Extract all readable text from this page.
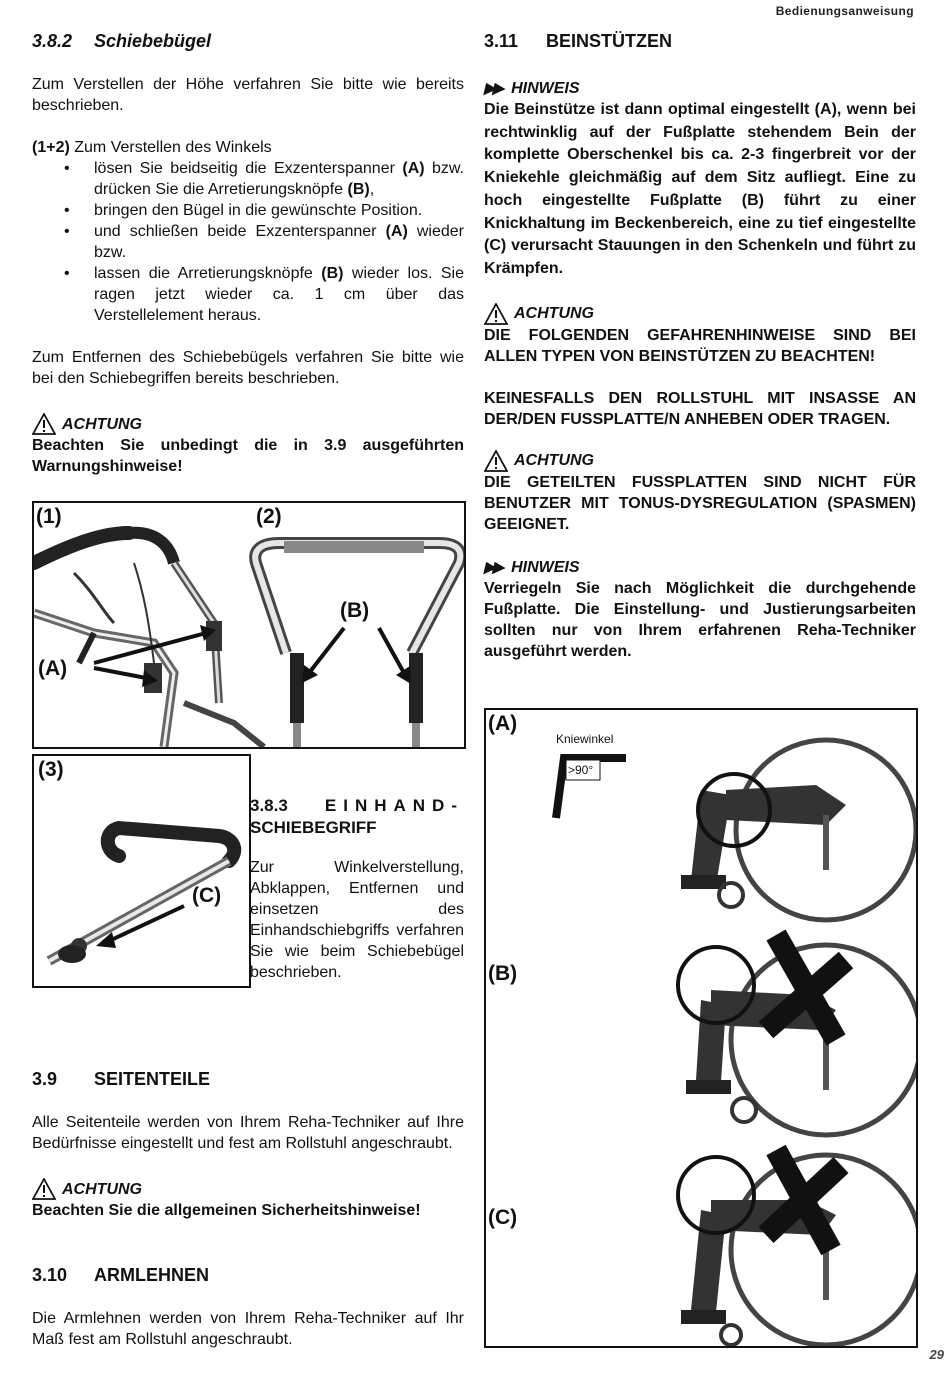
Bedienungsanweisung
3.8.2 Schiebebügel

Zum Verstellen der Höhe verfahren Sie bitte wie bereits beschrieben.

(1+2) Zum Verstellen des Winkels

• lösen Sie beidseitig die Exzenterspanner (A) bzw. drücken Sie die Arretierungsknöpfe (B),
• bringen den Bügel in die gewünschte Position.
• und schließen beide Exzenterspanner (A) wieder bzw.
• lassen die Arretierungsknöpfe (B) wieder los. Sie ragen jetzt wieder ca. 1 cm über das Verstellelement heraus.

Zum Entfernen des Schiebebügels verfahren Sie bitte wie bei den Schiebegriffen bereits beschrieben.

ACHTUNG

Beachten Sie unbedingt die in 3.9 ausgeführten Warnungshinweise!

(1)	(2)
(A)
(B)
(3)
(C)
3.8.3 EINHAND-
SCHIEBEGRIFF

Zur Winkelverstellung, Abklappen, Entfernen und einsetzen des Einhandschiebgriffs verfahren Sie wie beim Schiebebügel beschrieben.

3.9 SEITENTEILE

Alle Seitenteile werden von Ihrem Reha-Techniker auf Ihre Bedürfnisse eingestellt und fest am Rollstuhl angeschraubt.

ACHTUNG

Beachten Sie die allgemeinen Sicherheitshinweise!

3.10 ARMLEHNEN

Die Armlehnen werden von Ihrem Reha-Techniker auf Ihr Maß fest am Rollstuhl angeschraubt.

3.11 BEINSTÜTZEN
▶▶ HINWEIS

Die Beinstütze ist dann optimal eingestellt (A), wenn bei rechtwinklig auf der Fußplatte stehendem Bein der komplette Oberschenkel bis ca. 2-3 fingerbreit vor der Kniekehle gleichmäßig auf dem Sitz aufliegt. Eine zu hoch eingestellte Fußplatte (B) führt zu einer Knickhaltung im Beckenbereich, eine zu tief eingestellte (C) verursacht Stauungen in den Schenkeln und führt zu Krämpfen.

ACHTUNG

DIE FOLGENDEN GEFAHRENHINWEISE SIND BEI ALLEN TYPEN VON BEINSTÜTZEN ZU BEACHTEN!

KEINESFALLS DEN ROLLSTUHL MIT INSASSE AN DER/DEN FUSSPLATTE/N ANHEBEN ODER TRAGEN.

ACHTUNG

DIE GETEILTEN FUSSPLATTEN SIND NICHT FÜR BENUTZER MIT TONUS-DYSREGULATION (SPASMEN) GEEIGNET.

▶▶ HINWEIS

Verriegeln Sie nach Möglichkeit die durchgehende Fußplatte. Die Einstellung- und Justierungsarbeiten sollten nur von Ihrem erfahrenen Reha-Techniker ausgeführt werden.

Kniewinkel
>90°
(A)
(B)
(C)
29
